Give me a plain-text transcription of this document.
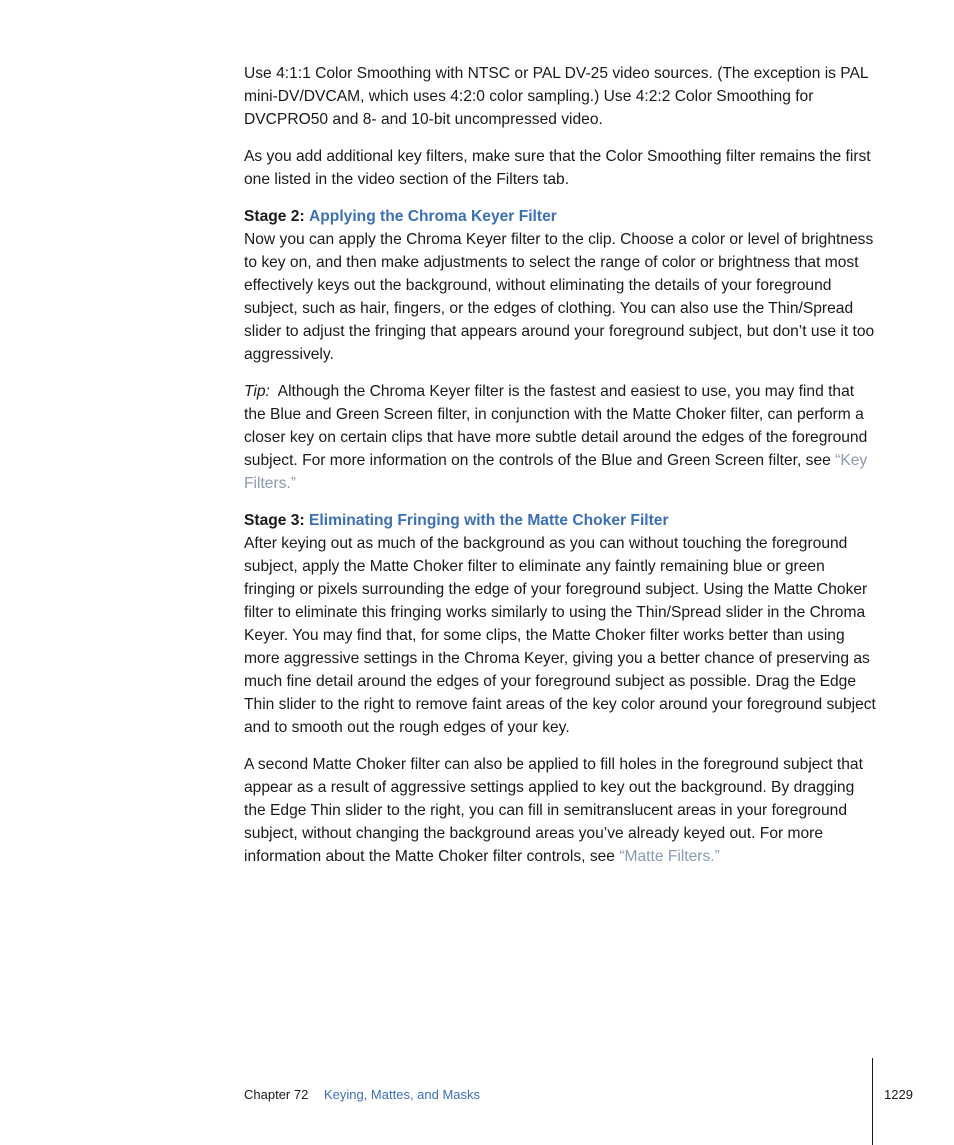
Use 4:1:1 Color Smoothing with NTSC or PAL DV-25 video sources. (The exception is PAL mini-DV/DVCAM, which uses 4:2:0 color sampling.) Use 4:2:2 Color Smoothing for DVCPRO50 and 8- and 10-bit uncompressed video.

As you add additional key filters, make sure that the Color Smoothing filter remains the first one listed in the video section of the Filters tab.

Stage 2: Applying the Chroma Keyer Filter

Now you can apply the Chroma Keyer filter to the clip. Choose a color or level of brightness to key on, and then make adjustments to select the range of color or brightness that most effectively keys out the background, without eliminating the details of your foreground subject, such as hair, fingers, or the edges of clothing. You can also use the Thin/Spread slider to adjust the fringing that appears around your foreground subject, but don’t use it too aggressively.

Tip: Although the Chroma Keyer filter is the fastest and easiest to use, you may find that the Blue and Green Screen filter, in conjunction with the Matte Choker filter, can perform a closer key on certain clips that have more subtle detail around the edges of the foreground subject. For more information on the controls of the Blue and Green Screen filter, see “Key Filters.”

Stage 3: Eliminating Fringing with the Matte Choker Filter

After keying out as much of the background as you can without touching the foreground subject, apply the Matte Choker filter to eliminate any faintly remaining blue or green fringing or pixels surrounding the edge of your foreground subject. Using the Matte Choker filter to eliminate this fringing works similarly to using the Thin/Spread slider in the Chroma Keyer. You may find that, for some clips, the Matte Choker filter works better than using more aggressive settings in the Chroma Keyer, giving you a better chance of preserving as much fine detail around the edges of your foreground subject as possible. Drag the Edge Thin slider to the right to remove faint areas of the key color around your foreground subject and to smooth out the rough edges of your key.

A second Matte Choker filter can also be applied to fill holes in the foreground subject that appear as a result of aggressive settings applied to key out the background. By dragging the Edge Thin slider to the right, you can fill in semitranslucent areas in your foreground subject, without changing the background areas you’ve already keyed out. For more information about the Matte Choker filter controls, see “Matte Filters.”

Chapter 72 Keying, Mattes, and Masks	1229
